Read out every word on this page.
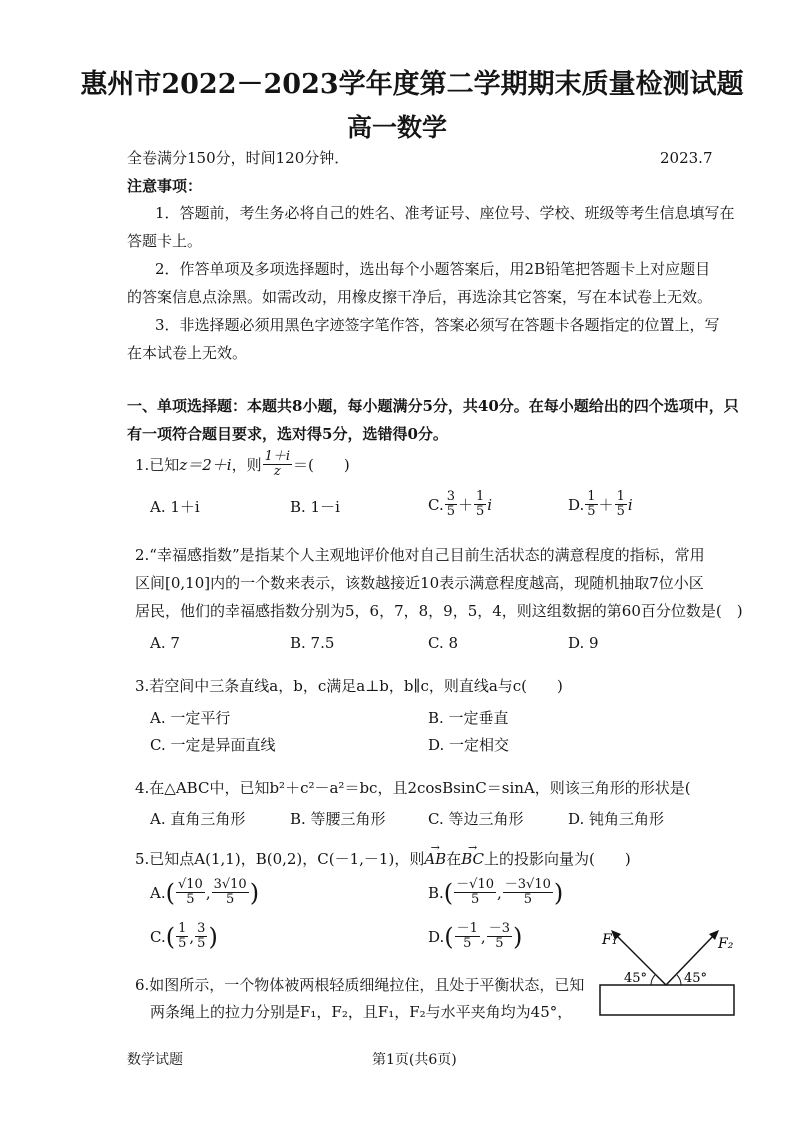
惠州市2022－2023学年度第二学期期末质量检测试题
高一数学
全卷满分150分，时间120分钟．	2023.7
注意事项：
1．答题前，考生务必将自己的姓名、准考证号、座位号、学校、班级等考生信息填写在
答题卡上。
2．作答单项及多项选择题时，选出每个小题答案后，用2B铅笔把答题卡上对应题目
的答案信息点涂黑。如需改动，用橡皮擦干净后，再选涂其它答案，写在本试卷上无效。
3．非选择题必须用黑色字迹签字笔作答，答案必须写在答题卡各题指定的位置上，写
在本试卷上无效。
一、单项选择题：本题共8小题，每小题满分5分，共40分。在每小题给出的四个选项中，只
有一项符合题目要求，选对得5分，选错得0分。
1.已知 z＝2＋i ，则 $\frac{1+i}{z}$ ＝(　　)
A. 1＋i	B. 1－i	C. $\frac{3}{5} + \frac{1}{5}$ i	D. $\frac{1}{5} + \frac{1}{5}$ i
2.“幸福感指数”是指某个人主观地评价他对自己目前生活状态的满意程度的指标，常用
区间[0,10]内的一个数来表示，该数越接近10表示满意程度越高，现随机抽取7位小区
居民，他们的幸福感指数分别为5，6，7，8，9，5，4，则这组数据的第60百分位数是(　)
A. 7	B. 7.5	C. 8	D. 9
3.若空间中三条直线a，b，c满足a⊥b，b∥c，则直线a与c(　　)
A. 一定平行	B. 一定垂直
C. 一定是异面直线	D. 一定相交
4.在△ABC中，已知b²＋c²－a²＝bc，且2cosBsinC＝sinA，则该三角形的形状是(
A. 直角三角形	B. 等腰三角形	C. 等边三角形	D. 钝角三角形
5.已知点A(1,1)，B(0,2)，C(－1,－1)，则→ AB在→ BC上的投影向量为(　　)
A. ( $\frac{√10}{5}$ , $\frac{3√10}{5}$ )	B. ( $\frac{-√10}{5}$ , $\frac{-3√10}{5}$ )
C. ( $\frac{1}{5}$ , $\frac{3}{5}$ )	D. ( $\frac{-1}{5}$ , $\frac{-3}{5}$ )
6.如图所示，一个物体被两根轻质细绳拉住，且处于平衡状态，已知
两条绳上的拉力分别是F₁，F₂，且F₁，F₂与水平夹角均为45°，
F₁	F₂
45°	45°
数学试题	第1页(共6页)
